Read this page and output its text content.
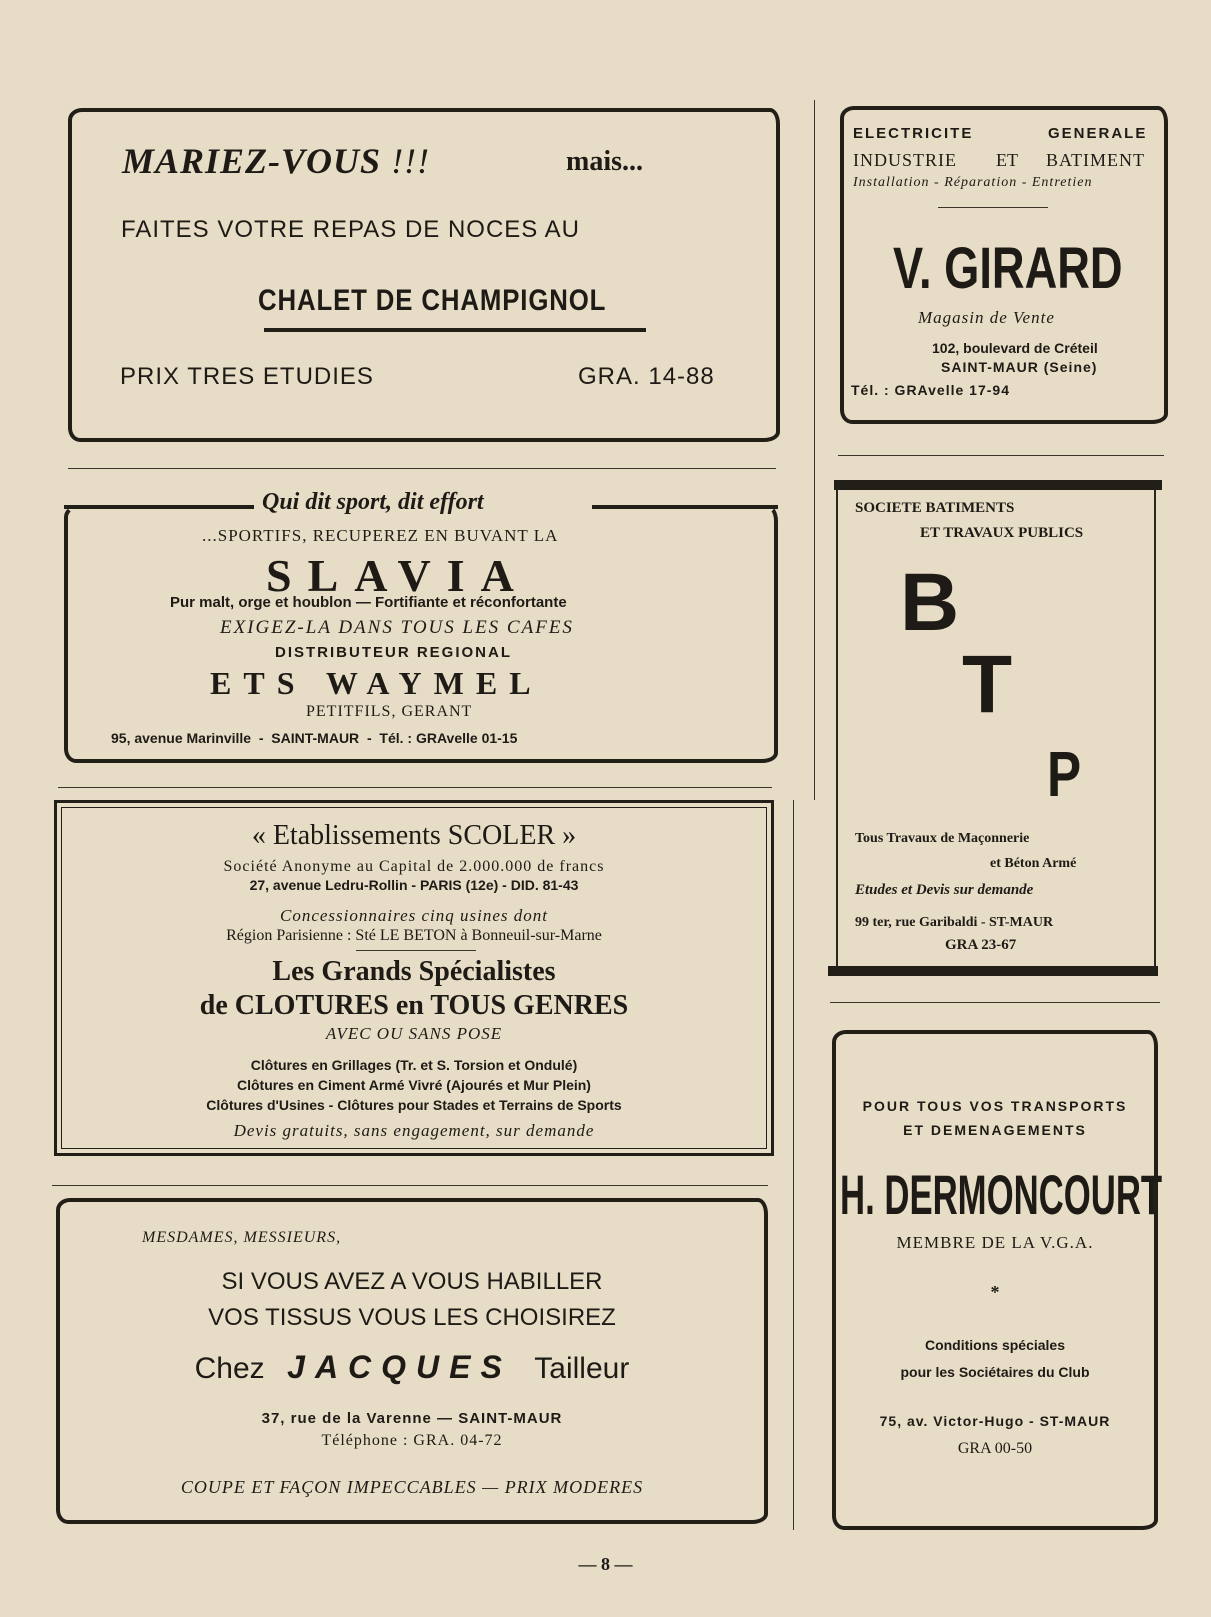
MARIEZ-VOUS !!!	mais...
FAITES VOTRE REPAS DE NOCES AU
CHALET DE CHAMPIGNOL
PRIX TRES ETUDIES	GRA. 14-88
ELECTRICITE	GENERALE
INDUSTRIE ET BATIMENT
Installation - Réparation - Entretien
V. GIRARD
Magasin de Vente
102, boulevard de Créteil
SAINT-MAUR (Seine)
Tél. : GRAvelle 17-94
Qui dit sport, dit effort
...SPORTIFS, RECUPEREZ EN BUVANT LA
SLAVIA
Pur malt, orge et houblon — Fortifiante et réconfortante
EXIGEZ-LA DANS TOUS LES CAFES
DISTRIBUTEUR REGIONAL
ETS WAYMEL
PETITFILS, GERANT
95, avenue Marinville  -  SAINT-MAUR  -  Tél. : GRAvelle 01-15
SOCIETE BATIMENTS
ET TRAVAUX PUBLICS
B
T
P
Tous Travaux de Maçonnerie
et Béton Armé
Etudes et Devis sur demande
99 ter, rue Garibaldi - ST-MAUR
GRA 23-67
« Etablissements SCOLER »
Société Anonyme au Capital de 2.000.000 de francs
27, avenue Ledru-Rollin - PARIS (12e) - DID. 81-43
Concessionnaires cinq usines dont
Région Parisienne : Sté LE BETON à Bonneuil-sur-Marne
Les Grands Spécialistes
de CLOTURES en TOUS GENRES
AVEC OU SANS POSE
Clôtures en Grillages (Tr. et S. Torsion et Ondulé)
Clôtures en Ciment Armé Vivré (Ajourés et Mur Plein)
Clôtures d'Usines - Clôtures pour Stades et Terrains de Sports
Devis gratuits, sans engagement, sur demande
POUR TOUS VOS TRANSPORTS
ET DEMENAGEMENTS
H. DERMONCOURT
MEMBRE DE LA V.G.A.
*
Conditions spéciales
pour les Sociétaires du Club
75, av. Victor-Hugo - ST-MAUR
GRA 00-50
MESDAMES, MESSIEURS,
SI VOUS AVEZ A VOUS HABILLER
VOS TISSUS VOUS LES CHOISIREZ
Chez JACQUES Tailleur
37, rue de la Varenne — SAINT-MAUR
Téléphone : GRA. 04-72
COUPE ET FAÇON IMPECCABLES — PRIX MODERES
— 8 —
